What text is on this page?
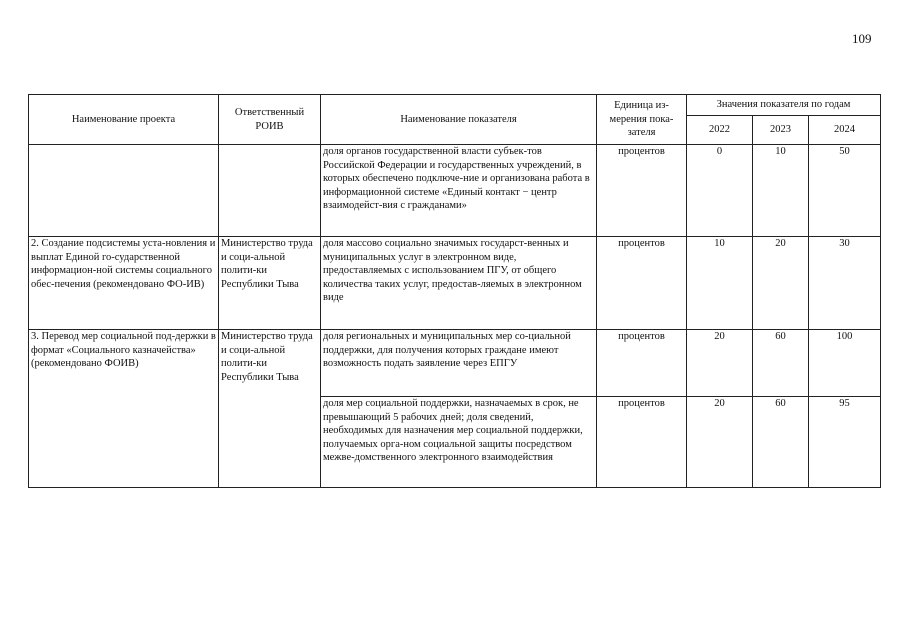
109
Наименование проекта	Ответственный РОИВ	Наименование показателя	Единица из-мерения пока-зателя	Значения показателя по годам		
				2022	2023	2024
		доля органов государственной власти субъек-тов Российской Федерации и государственных учреждений, в которых обеспечено подключе-ние и организована работа в информационной системе «Единый контакт − центр взаимодейст-вия с гражданами»	процентов	0	10	50
2. Создание подсистемы уста-новления и выплат Единой го-сударственной информацион-ной системы социального обес-печения (рекомендовано ФО-ИВ)	Министерство труда и соци-альной полити-ки Республики Тыва	доля массово социально значимых государст-венных и муниципальных услуг в электронном виде, предоставляемых с использованием ПГУ, от общего количества таких услуг, предостав-ляемых в электронном виде	процентов	10	20	30
3. Перевод мер социальной под-держки в формат «Социального казначейства» (рекомендовано ФОИВ)	Министерство труда и соци-альной полити-ки Республики Тыва	доля региональных и муниципальных мер со-циальной поддержки, для получения которых граждане имеют возможность подать заявление через ЕПГУ	процентов	20	60	100
		доля мер социальной поддержки, назначаемых в срок, не превышающий 5 рабочих дней; доля сведений, необходимых для назначения мер социальной поддержки, получаемых орга-ном социальной защиты посредством межве-домственного электронного взаимодействия	процентов	20	60	95
